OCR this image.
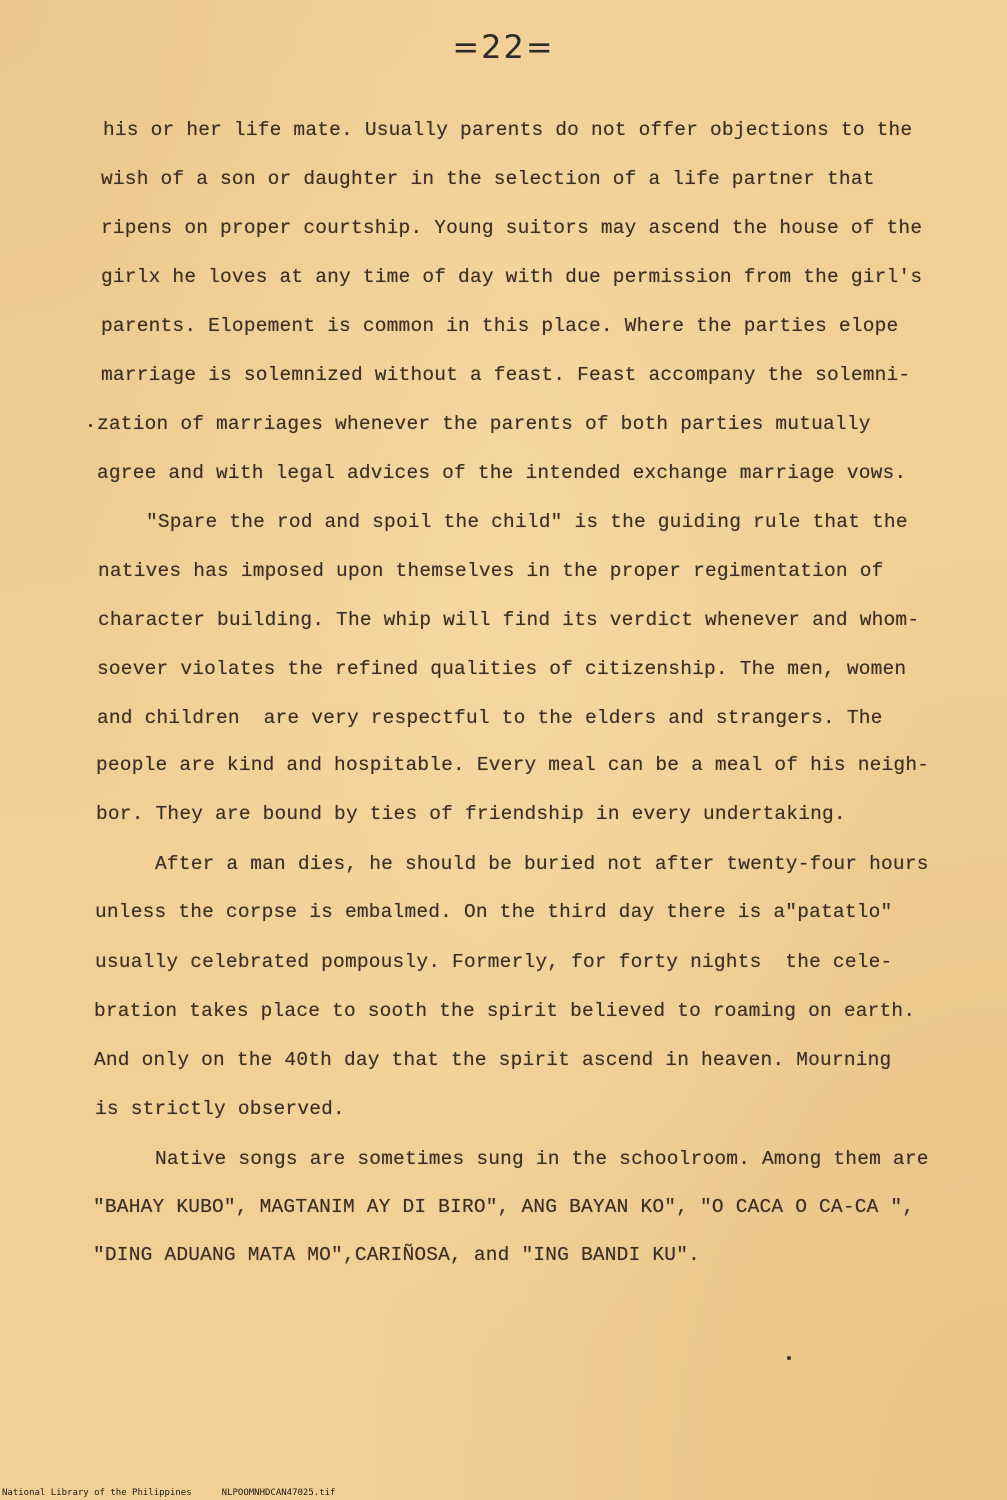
=22=
his or her life mate. Usually parents do not offer objections to the
wish of a son or daughter in the selection of a life partner that
ripens on proper courtship. Young suitors may ascend the house of the
girlx he loves at any time of day with due permission from the girl's
parents. Elopement is common in this place. Where the parties elope
marriage is solemnized without a feast. Feast accompany the solemni-
zation of marriages whenever the parents of both parties mutually
agree and with legal advices of the intended exchange marriage vows.
"Spare the rod and spoil the child" is the guiding rule that the
natives has imposed upon themselves in the proper regimentation of
character building. The whip will find its verdict whenever and whom-
soever violates the refined qualities of citizenship. The men, women
and children  are very respectful to the elders and strangers. The
people are kind and hospitable. Every meal can be a meal of his neigh-
bor. They are bound by ties of friendship in every undertaking.
After a man dies, he should be buried not after twenty-four hours
unless the corpse is embalmed. On the third day there is a"patatlo"
usually celebrated pompously. Formerly, for forty nights  the cele-
bration takes place to sooth the spirit believed to roaming on earth.
And only on the 40th day that the spirit ascend in heaven. Mourning
is strictly observed.
Native songs are sometimes sung in the schoolroom. Among them are
"BAHAY KUBO", MAGTANIM AY DI BIRO", ANG BAYAN KO", "O CACA O CA-CA ",
"DING ADUANG MATA MO",CARIÑOSA, and "ING BANDI KU".
National Library of the Philippines	NLPOOMNHDCAN47025.tif
